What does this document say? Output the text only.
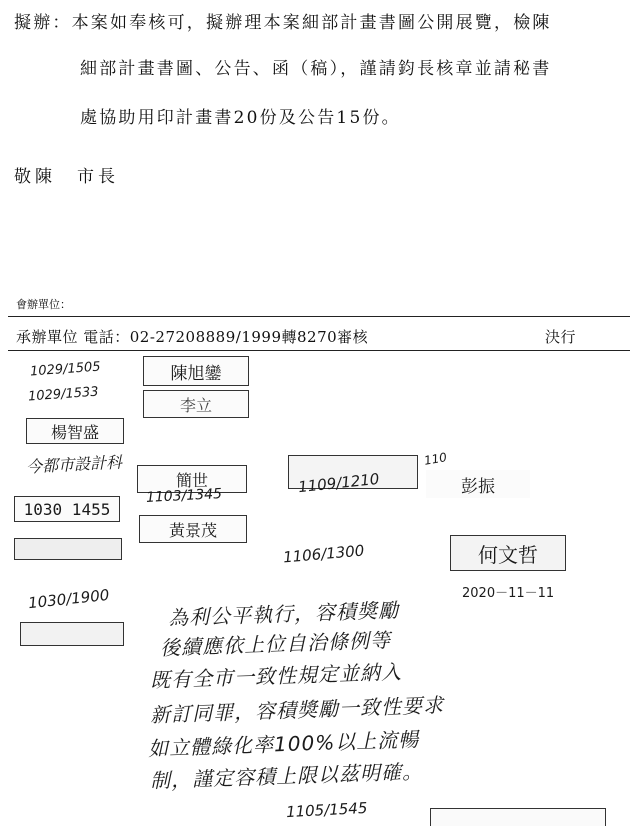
擬辦：本案如奉核可，擬辦理本案細部計畫書圖公開展覽，檢陳
細部計畫書圖、公告、函（稿），謹請鈞長核章並請秘書
處協助用印計畫書20份及公告15份。
敬陳　市長
會辦單位：
承辦單位 電話：02-27208889/1999轉8270審核	決行
1029/1505
1029/1533
陳旭鑾
李立
楊智盛
今都市設計科
簡世
1103/1345
1030 1455
黃景茂
1106/1300
1030/1900
1109/1210
110
彭振
何文哲
2020－11－11
為利公平執行，容積獎勵
後續應依上位自治條例等
既有全市一致性規定並納入
新訂同罪，容積獎勵一致性要求
如立體綠化率100%以上流暢
制，謹定容積上限以茲明確。
1105/1545
